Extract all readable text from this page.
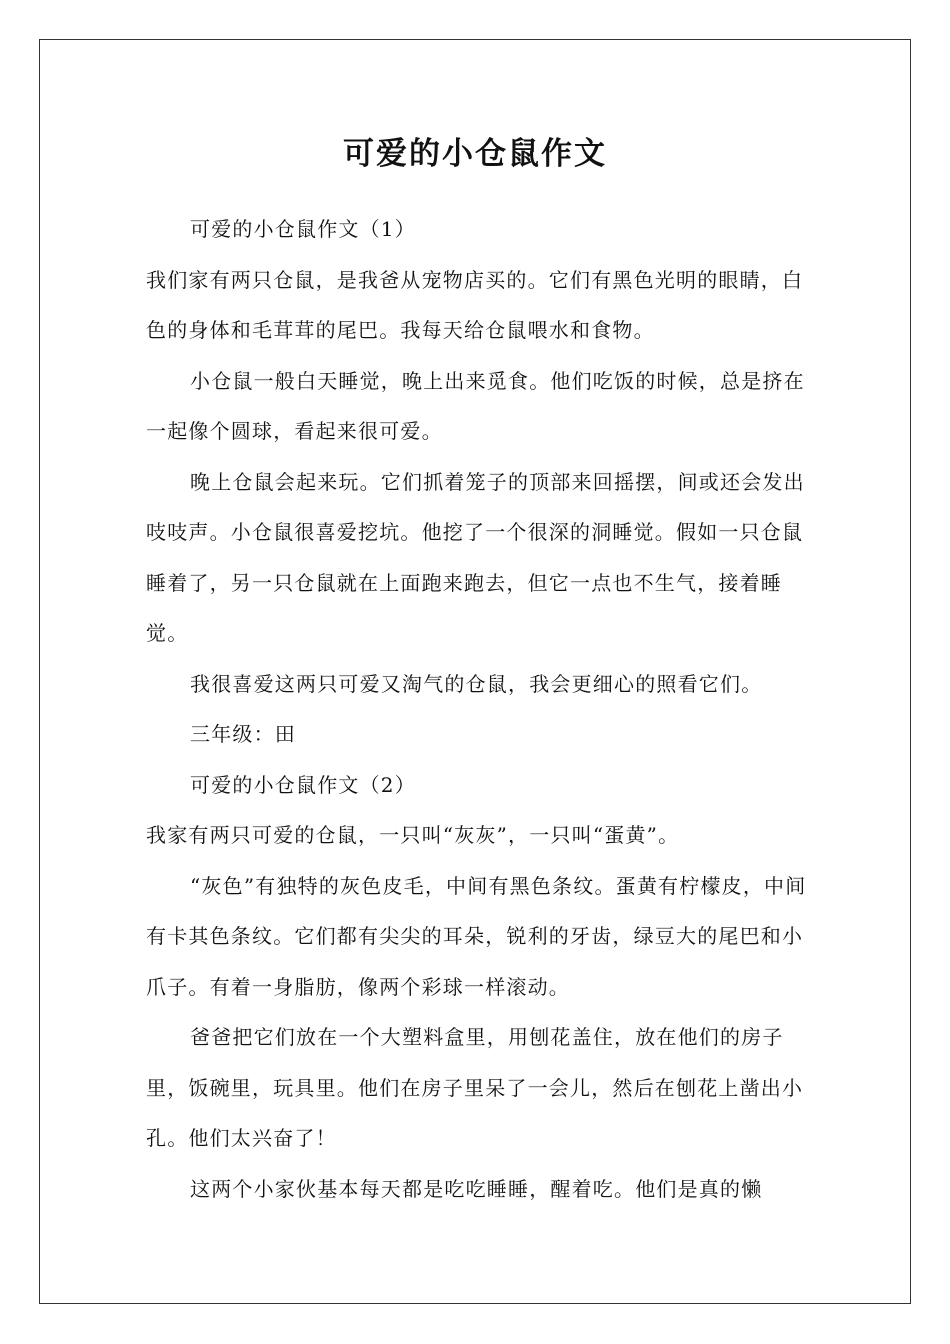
可爱的小仓鼠作文

可爱的小仓鼠作文（1）

我们家有两只仓鼠，是我爸从宠物店买的。它们有黑色光明的眼睛，白色的身体和毛茸茸的尾巴。我每天给仓鼠喂水和食物。

小仓鼠一般白天睡觉，晚上出来觅食。他们吃饭的时候，总是挤在一起像个圆球，看起来很可爱。

晚上仓鼠会起来玩。它们抓着笼子的顶部来回摇摆，间或还会发出吱吱声。小仓鼠很喜爱挖坑。他挖了一个很深的洞睡觉。假如一只仓鼠睡着了，另一只仓鼠就在上面跑来跑去，但它一点也不生气，接着睡觉。

我很喜爱这两只可爱又淘气的仓鼠，我会更细心的照看它们。

三年级：田

可爱的小仓鼠作文（2）

我家有两只可爱的仓鼠，一只叫“灰灰”，一只叫“蛋黄”。

“灰色”有独特的灰色皮毛，中间有黑色条纹。蛋黄有柠檬皮，中间有卡其色条纹。它们都有尖尖的耳朵，锐利的牙齿，绿豆大的尾巴和小爪子。有着一身脂肪，像两个彩球一样滚动。

爸爸把它们放在一个大塑料盒里，用刨花盖住，放在他们的房子里，饭碗里，玩具里。他们在房子里呆了一会儿，然后在刨花上凿出小孔。他们太兴奋了！

这两个小家伙基本每天都是吃吃睡睡，醒着吃。他们是真的懒
